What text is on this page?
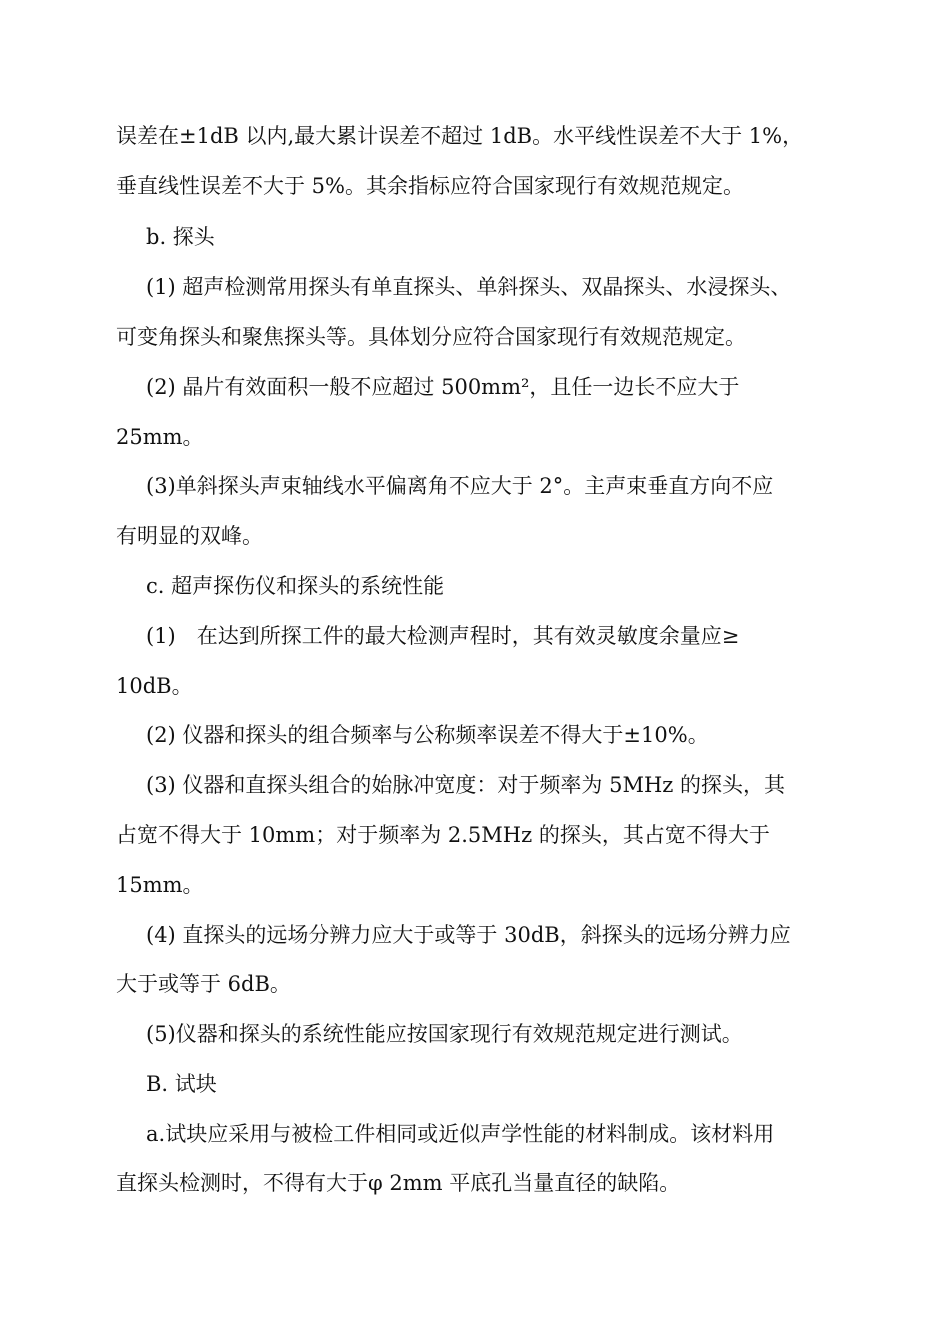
误差在±1dB 以内,最大累计误差不超过 1dB。水平线性误差不大于 1%，
垂直线性误差不大于 5%。其余指标应符合国家现行有效规范规定。
b. 探头
(1) 超声检测常用探头有单直探头、单斜探头、双晶探头、水浸探头、
可变角探头和聚焦探头等。具体划分应符合国家现行有效规范规定。
(2) 晶片有效面积一般不应超过 500mm²，且任一边长不应大于
25mm。
(3)单斜探头声束轴线水平偏离角不应大于 2°。主声束垂直方向不应
有明显的双峰。
c. 超声探伤仪和探头的系统性能
(1)　在达到所探工件的最大检测声程时，其有效灵敏度余量应≥
10dB。
(2) 仪器和探头的组合频率与公称频率误差不得大于±10%。
(3) 仪器和直探头组合的始脉冲宽度：对于频率为 5MHz 的探头，其
占宽不得大于 10mm；对于频率为 2.5MHz 的探头，其占宽不得大于
15mm。
(4) 直探头的远场分辨力应大于或等于 30dB，斜探头的远场分辨力应
大于或等于 6dB。
(5)仪器和探头的系统性能应按国家现行有效规范规定进行测试。
B. 试块
a.试块应采用与被检工件相同或近似声学性能的材料制成。该材料用
直探头检测时，不得有大于φ 2mm 平底孔当量直径的缺陷。
